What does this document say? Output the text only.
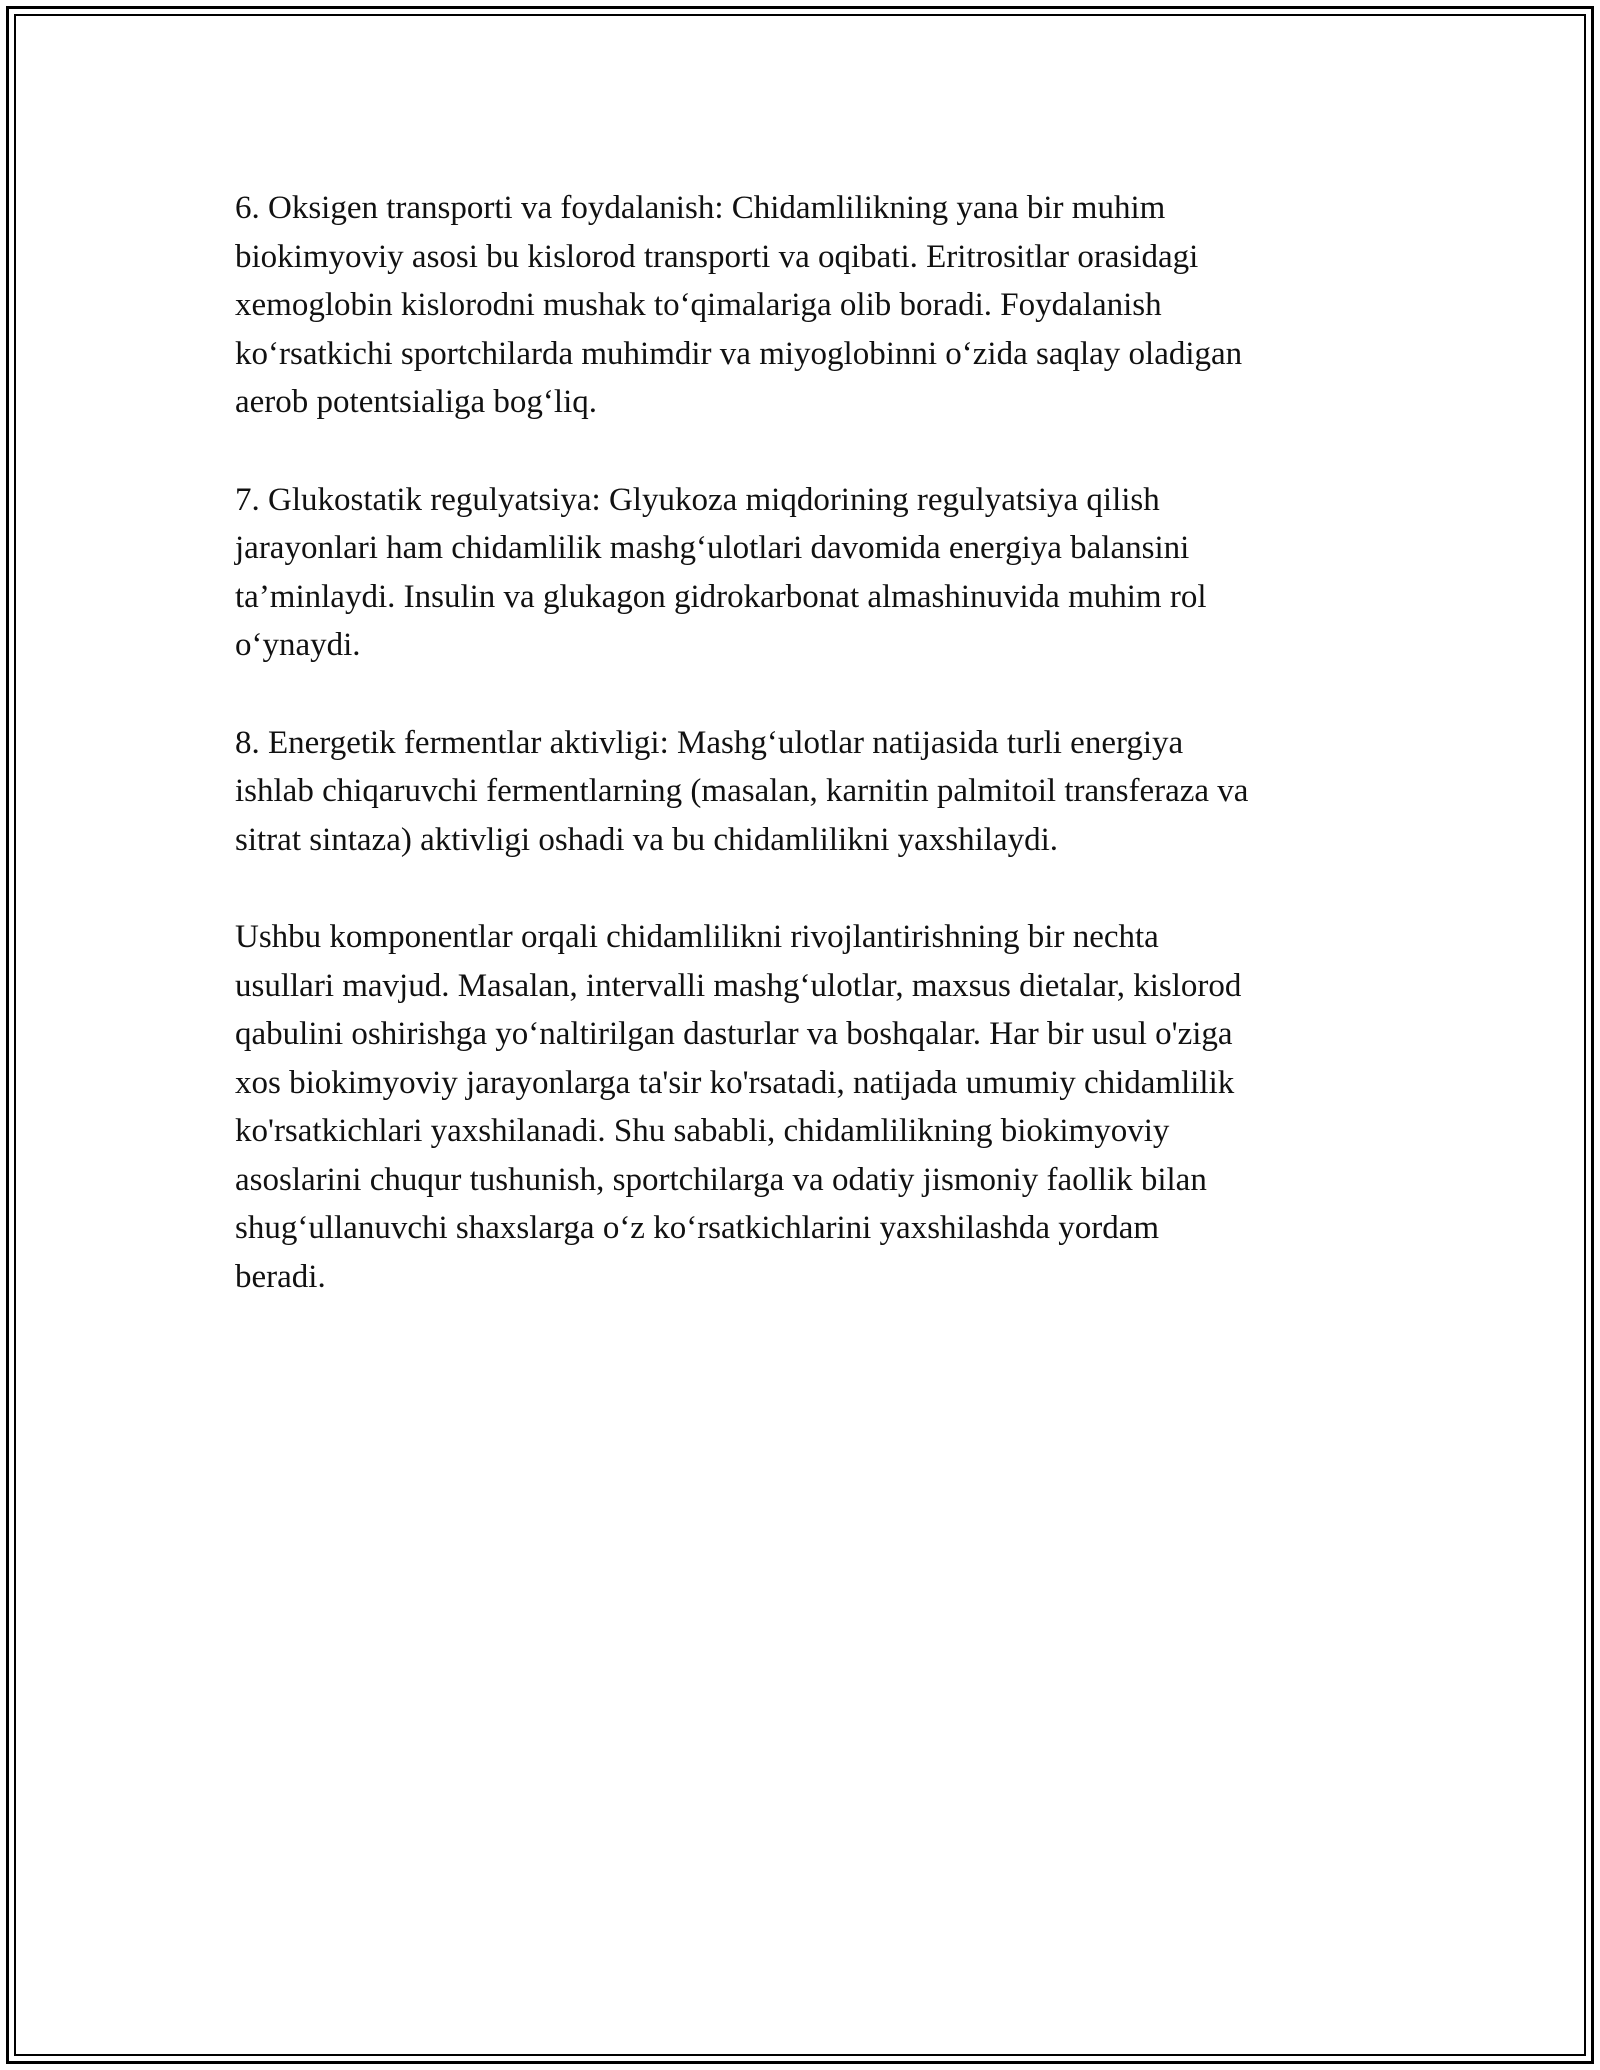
6. Oksigen transporti va foydalanish: Chidamlilikning yana bir muhim
biokimyoviy asosi bu kislorod transporti va oqibati. Eritrositlar orasidagi
xemoglobin kislorodni mushak to‘qimalariga olib boradi. Foydalanish
ko‘rsatkichi sportchilarda muhimdir va miyoglobinni o‘zida saqlay oladigan
aerob potentsialiga bog‘liq.

7. Glukostatik regulyatsiya: Glyukoza miqdorining regulyatsiya qilish
jarayonlari ham chidamlilik mashg‘ulotlari davomida energiya balansini
ta’minlaydi. Insulin va glukagon gidrokarbonat almashinuvida muhim rol
o‘ynaydi.

8. Energetik fermentlar aktivligi: Mashg‘ulotlar natijasida turli energiya
ishlab chiqaruvchi fermentlarning (masalan, karnitin palmitoil transferaza va
sitrat sintaza) aktivligi oshadi va bu chidamlilikni yaxshilaydi.

Ushbu komponentlar orqali chidamlilikni rivojlantirishning bir nechta
usullari mavjud. Masalan, intervalli mashg‘ulotlar, maxsus dietalar, kislorod
qabulini oshirishga yo‘naltirilgan dasturlar va boshqalar. Har bir usul o'ziga
xos biokimyoviy jarayonlarga ta'sir ko'rsatadi, natijada umumiy chidamlilik
ko'rsatkichlari yaxshilanadi. Shu sababli, chidamlilikning biokimyoviy
asoslarini chuqur tushunish, sportchilarga va odatiy jismoniy faollik bilan
shug‘ullanuvchi shaxslarga o‘z ko‘rsatkichlarini yaxshilashda yordam
beradi.
